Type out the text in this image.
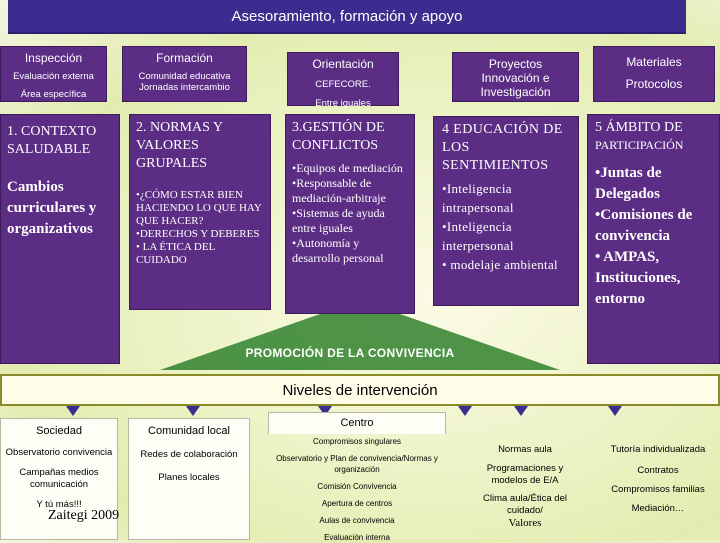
Asesoramiento, formación y apoyo
Inspección
Evaluación externa
Área específica
Formación
Comunidad educativa Jornadas intercambio
Orientación
CEFECORE.
Entre iguales
Proyectos Innovación e Investigación
Materiales
Protocolos
PROMOCIÓN DE LA CONVIVENCIA
1. CONTEXTO SALUDABLE
Cambios curriculares y organizativos
2. NORMAS Y VALORES GRUPALES
•¿CÓMO ESTAR BIEN HACIENDO LO QUE HAY QUE HACER?
•DERECHOS Y DEBERES
• LA ÉTICA DEL CUIDADO
3.GESTIÓN DE CONFLICTOS
•Equipos de mediación
•Responsable de mediación-arbitraje
•Sistemas de ayuda entre iguales
•Autonomía y desarrollo personal
4 EDUCACIÓN DE LOS SENTIMIENTOS
•Inteligencia intrapersonal
•Inteligencia interpersonal
• modelaje ambiental
5 ÁMBITO DE
PARTICIPACIÓN
•Juntas de Delegados
•Comisiones de convivencia
• AMPAS, Instituciones, entorno
Niveles de intervención
Sociedad
Observatorio convivencia
Campañas medios comunicación
Y tú más!!!
Zaitegi 2009
Comunidad local
Redes de colaboración
Planes locales
Centro
Compromisos singulares
Observatorio y Plan de convivencia/Normas y organización
Comisión Convivencia
Apertura de centros
Aulas de convivencia
Evaluación interna
Normas aula
Programaciones y modelos de E/A
Clima aula/Ética del cuidado/
Valores
Tutoría individualizada
Contratos
Compromisos familias
Mediación…
